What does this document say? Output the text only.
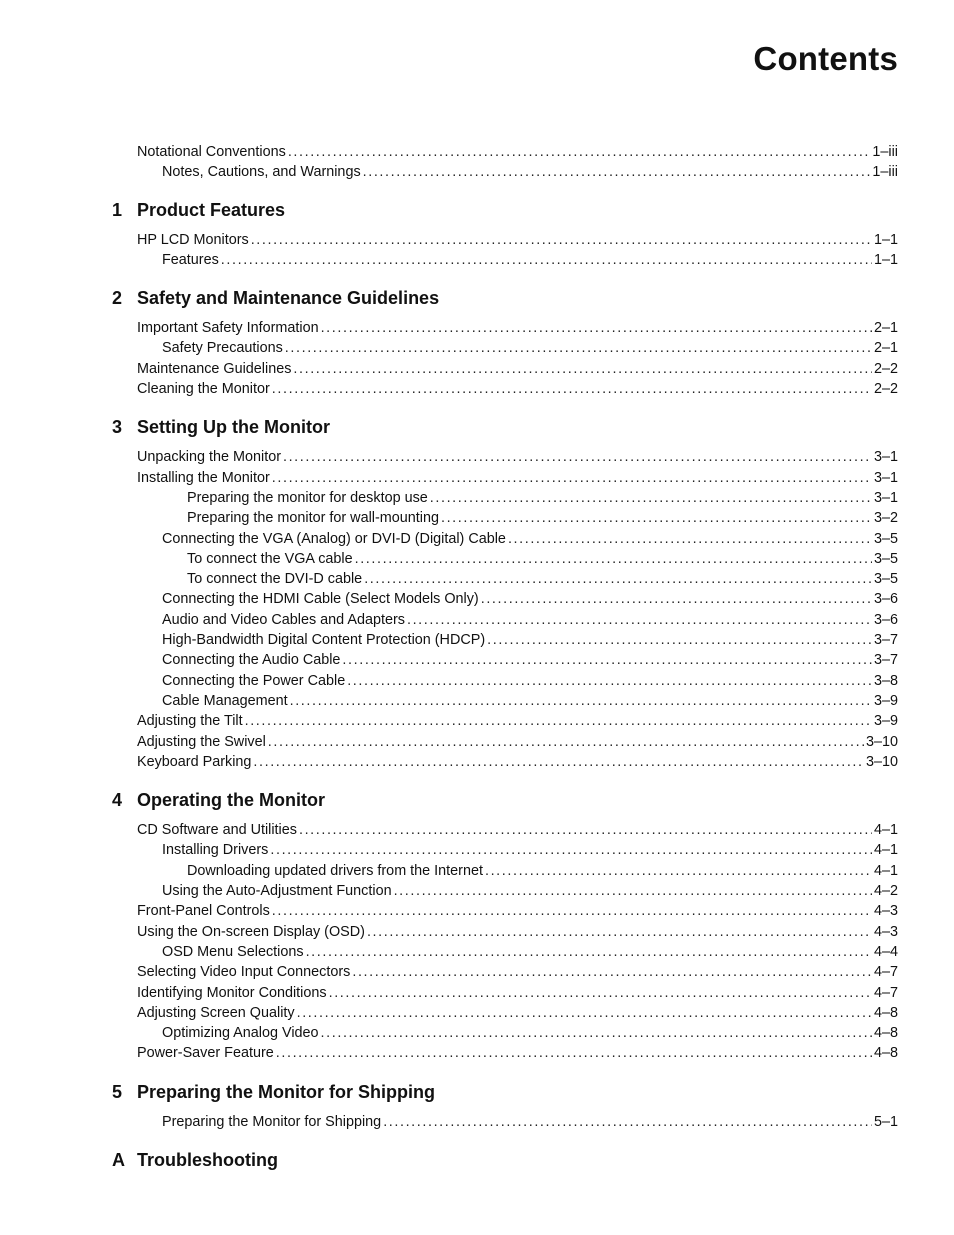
Contents
Notational Conventions .....	1–iii
Notes, Cautions, and Warnings .....	1–iii
1 Product Features
HP LCD Monitors .....	1–1
Features .....	1–1
2 Safety and Maintenance Guidelines
Important Safety Information .....	2–1
Safety Precautions .....	2–1
Maintenance Guidelines .....	2–2
Cleaning the Monitor .....	2–2
3 Setting Up the Monitor
Unpacking the Monitor .....	3–1
Installing the Monitor .....	3–1
Preparing the monitor for desktop use .....	3–1
Preparing the monitor for wall-mounting .....	3–2
Connecting the VGA (Analog) or DVI-D (Digital) Cable .....	3–5
To connect the VGA cable .....	3–5
To connect the DVI-D cable .....	3–5
Connecting the HDMI Cable (Select Models Only) .....	3–6
Audio and Video Cables and Adapters .....	3–6
High-Bandwidth Digital Content Protection (HDCP) .....	3–7
Connecting the Audio Cable .....	3–7
Connecting the Power Cable .....	3–8
Cable Management .....	3–9
Adjusting the Tilt .....	3–9
Adjusting the Swivel .....	3–10
Keyboard Parking .....	3–10
4 Operating the Monitor
CD Software and Utilities .....	4–1
Installing Drivers .....	4–1
Downloading updated drivers from the Internet .....	4–1
Using the Auto-Adjustment Function .....	4–2
Front-Panel Controls .....	4–3
Using the On-screen Display (OSD) .....	4–3
OSD Menu Selections .....	4–4
Selecting Video Input Connectors .....	4–7
Identifying Monitor Conditions .....	4–7
Adjusting Screen Quality .....	4–8
Optimizing Analog Video .....	4–8
Power-Saver Feature .....	4–8
5 Preparing the Monitor for Shipping
Preparing the Monitor for Shipping .....	5–1
A Troubleshooting
